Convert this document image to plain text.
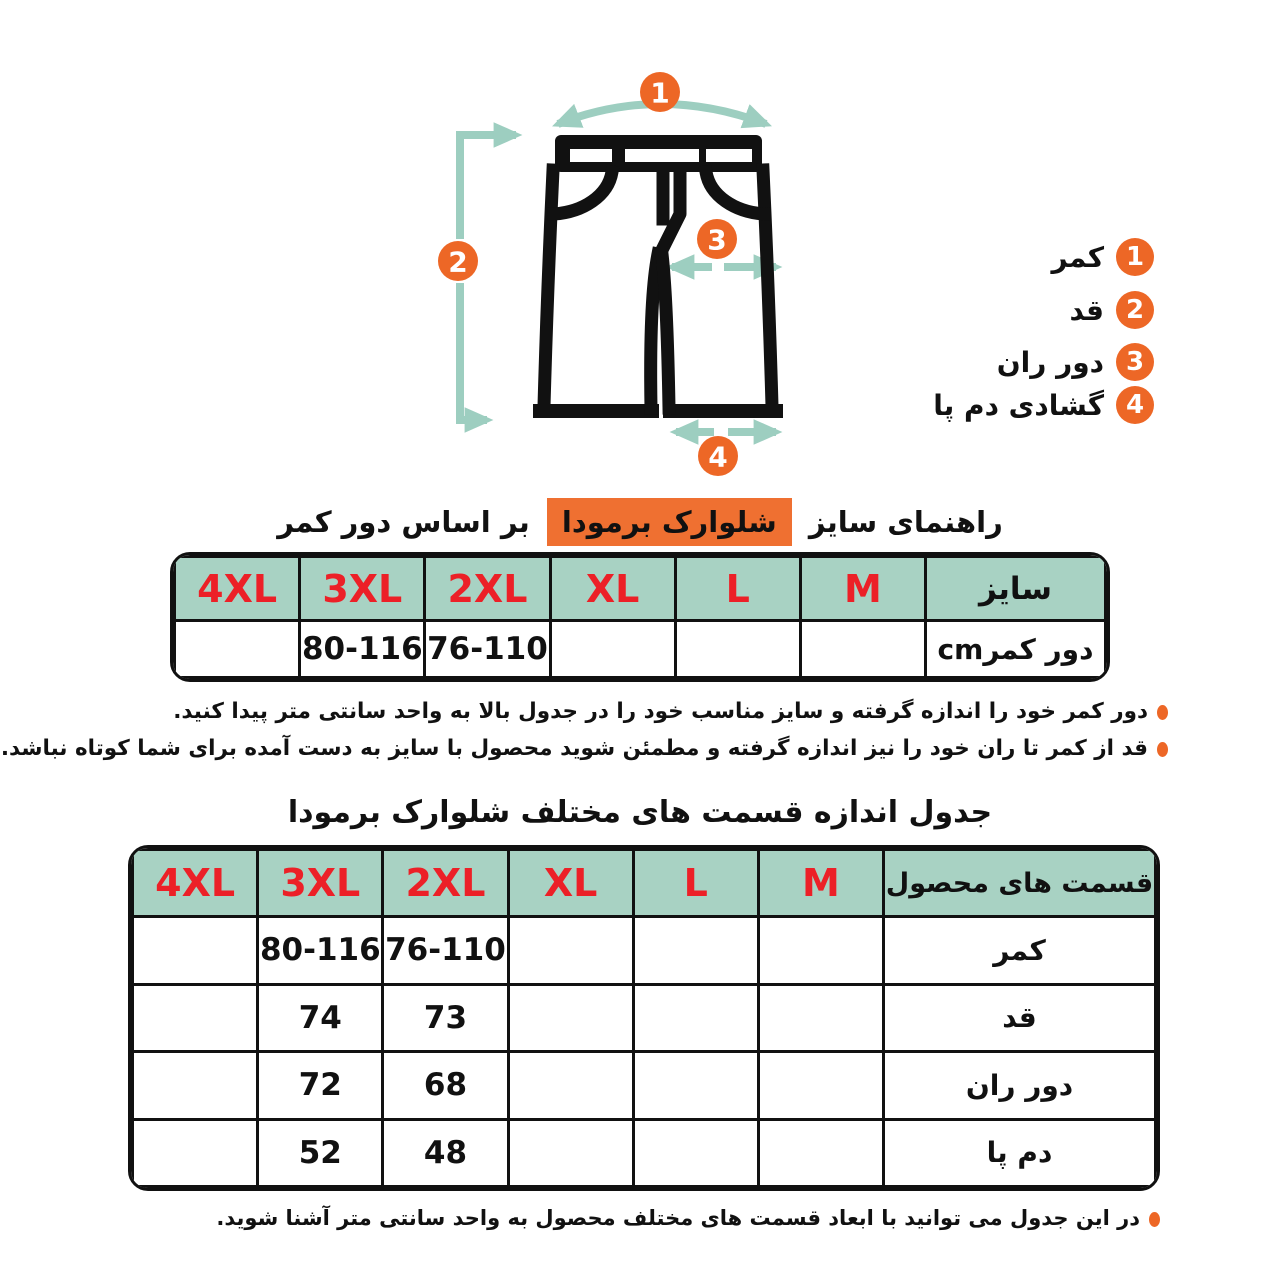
1
2
3
4
1
کمر
2
قد
3
دور ران
4
گشادی دم پا
راهنمای سایز شلوارک برمودا بر اساس دور کمر
سایز	M	L	XL	2XL	3XL	4XL
دور کمرcm				76-110	80-116	
دور کمر خود را اندازه گرفته و سایز مناسب خود را در جدول بالا به واحد سانتی متر پیدا کنید.
قد از کمر تا ران خود را نیز اندازه گرفته و مطمئن شوید محصول با سایز به دست آمده برای شما کوتاه نباشد.
جدول اندازه قسمت های مختلف شلوارک برمودا
قسمت های محصول	M	L	XL	2XL	3XL	4XL
کمر				76-110	80-116	
قد				73	74	
دور ران				68	72	
دم پا				48	52	
در این جدول می توانید با ابعاد قسمت های مختلف محصول به واحد سانتی متر آشنا شوید.
